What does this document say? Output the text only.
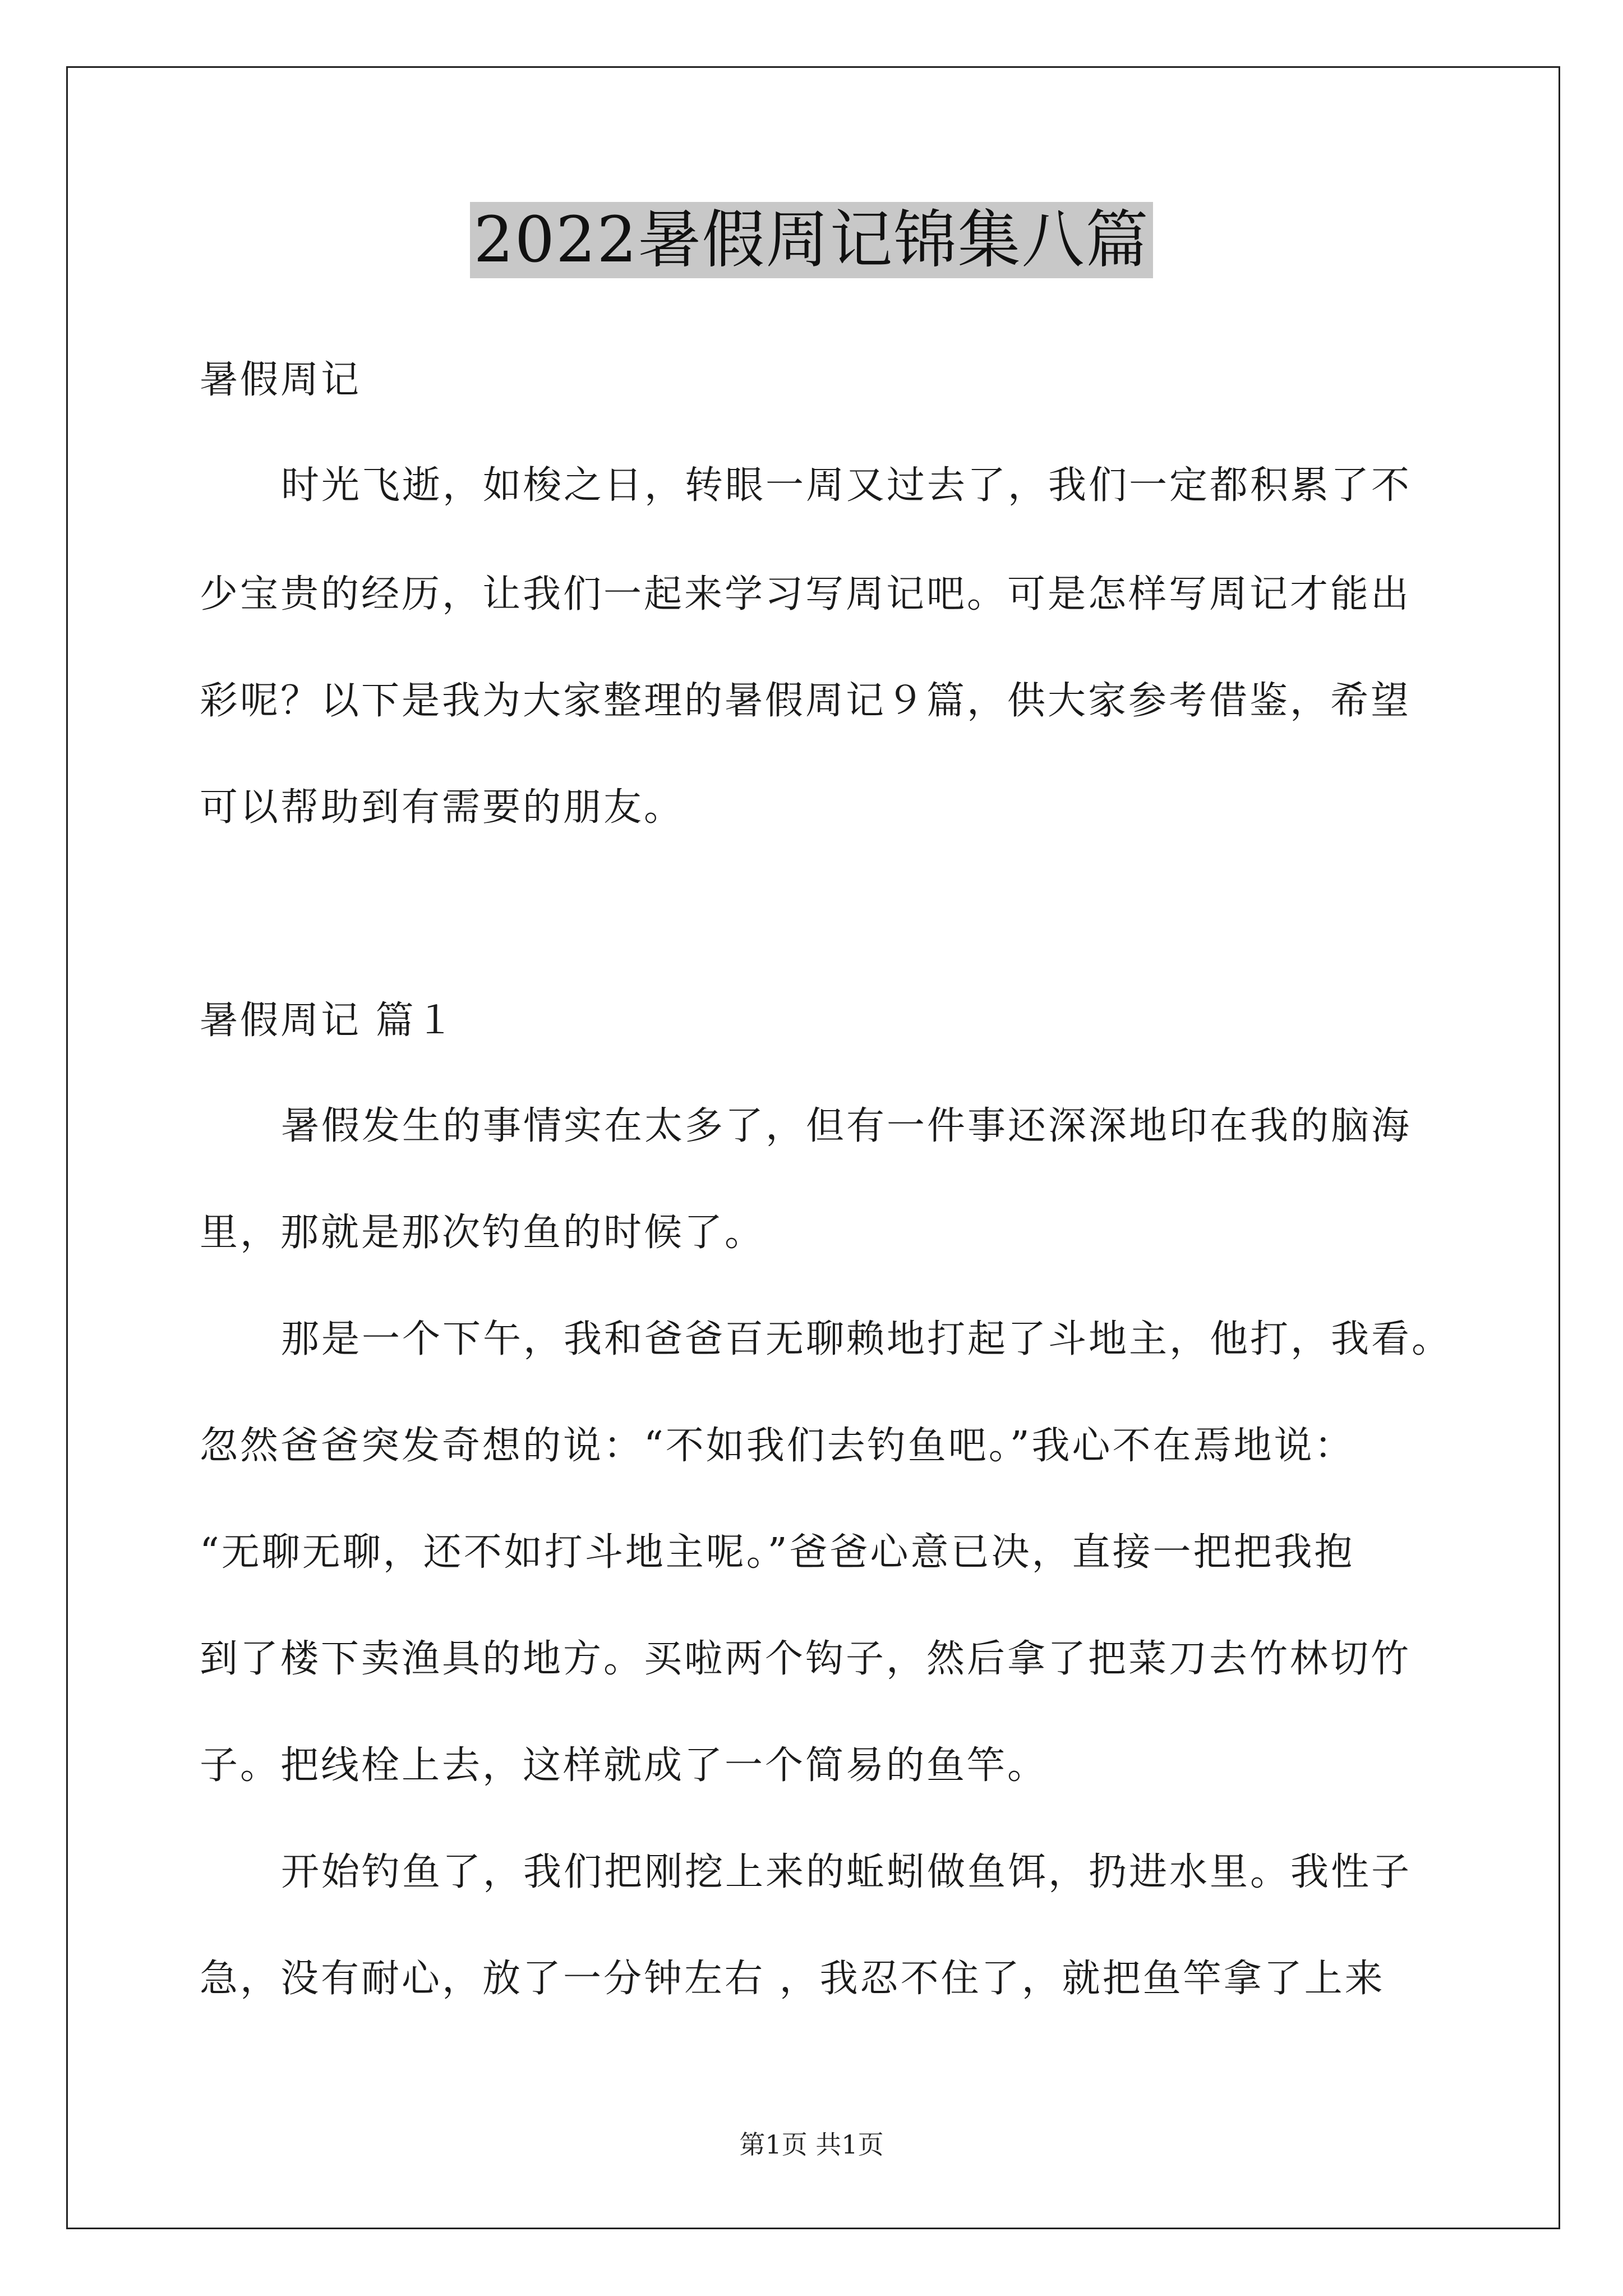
2022暑假周记锦集八篇
暑假周记
时光飞逝，如梭之日，转眼一周又过去了，我们一定都积累了不
少宝贵的经历，让我们一起来学习写周记吧。可是怎样写周记才能出
彩呢？以下是我为大家整理的暑假周记９篇，供大家参考借鉴，希望
可以帮助到有需要的朋友。
暑假周记 篇１
暑假发生的事情实在太多了，但有一件事还深深地印在我的脑海
里，那就是那次钓鱼的时候了。
那是一个下午，我和爸爸百无聊赖地打起了斗地主，他打，我看。
忽然爸爸突发奇想的说：“不如我们去钓鱼吧。”我心不在焉地说：
“无聊无聊，还不如打斗地主呢。”爸爸心意已决，直接一把把我抱
到了楼下卖渔具的地方。买啦两个钩子，然后拿了把菜刀去竹林切竹
子。把线栓上去，这样就成了一个简易的鱼竿。
开始钓鱼了，我们把刚挖上来的蚯蚓做鱼饵，扔进水里。我性子
急，没有耐心，放了一分钟左右 ，我忍不住了，就把鱼竿拿了上来
第1页 共1页
